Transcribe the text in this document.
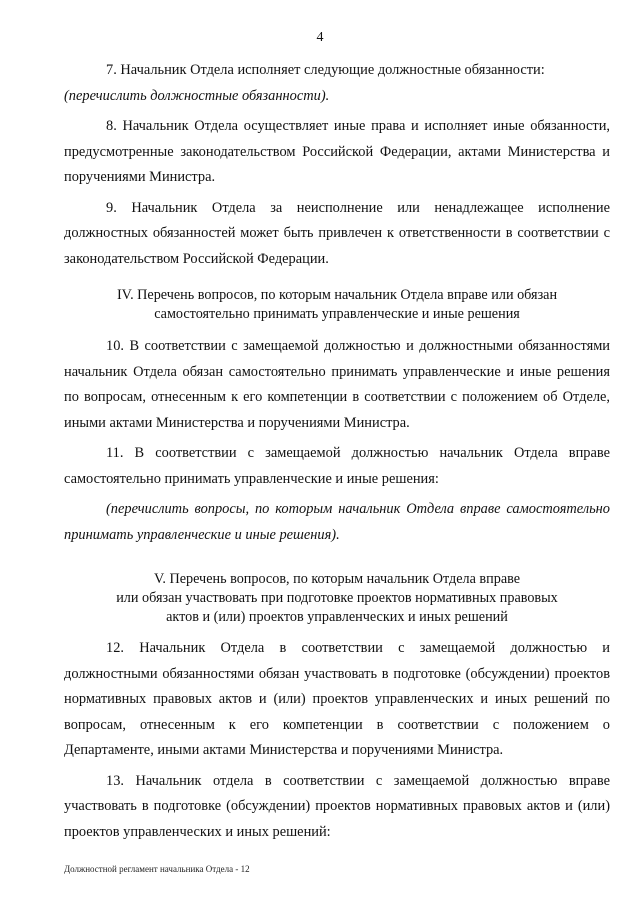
4

7. Начальник Отдела исполняет следующие должностные обязанности:

(перечислить должностные обязанности).

8. Начальник Отдела осуществляет иные права и исполняет иные обязанности, предусмотренные законодательством Российской Федерации, актами Министерства и поручениями Министра.

9. Начальник Отдела за неисполнение или ненадлежащее исполнение должностных обязанностей может быть привлечен к ответственности в соответствии с законодательством Российской Федерации.

IV. Перечень вопросов, по которым начальник Отдела вправе или обязан

самостоятельно принимать управленческие и иные решения

10. В соответствии с замещаемой должностью и должностными обязанностями начальник Отдела обязан самостоятельно принимать управленческие и иные решения по вопросам, отнесенным к его компетенции в соответствии с положением об Отделе, иными актами Министерства и поручениями Министра.

11. В соответствии с замещаемой должностью начальник Отдела вправе самостоятельно принимать управленческие и иные решения:

(перечислить вопросы, по которым начальник Отдела вправе самостоятельно принимать управленческие и иные решения).

V. Перечень вопросов, по которым начальник Отдела вправе

или обязан участвовать при подготовке проектов нормативных правовых

актов и (или) проектов управленческих и иных решений

12. Начальник Отдела в соответствии с замещаемой должностью и должностными обязанностями обязан участвовать в подготовке (обсуждении) проектов нормативных правовых актов и (или) проектов управленческих и иных решений по вопросам, отнесенным к его компетенции в соответствии с положением о Департаменте, иными актами Министерства и поручениями Министра.

13. Начальник отдела в соответствии с замещаемой должностью вправе участвовать в подготовке (обсуждении) проектов нормативных правовых актов и (или) проектов управленческих и иных решений:

Должностной регламент начальника Отдела - 12
